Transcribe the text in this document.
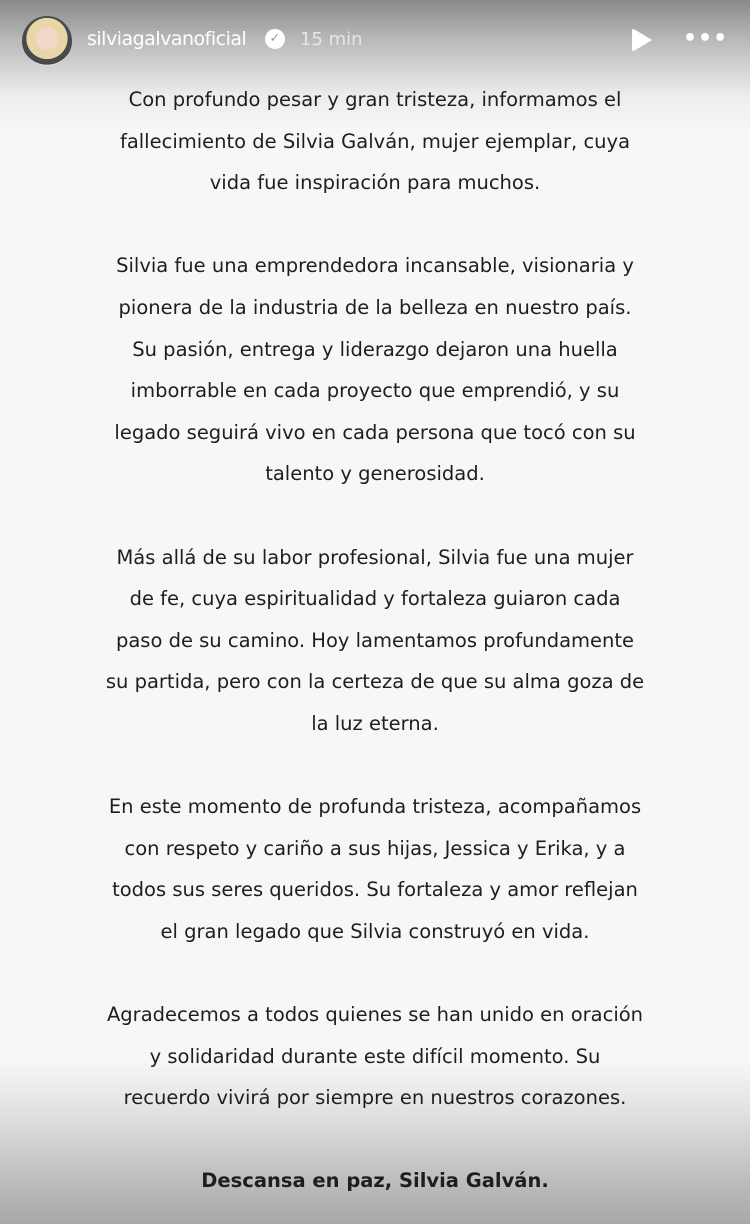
silviagalvanoficial	✓ 15 min	•••
Con profundo pesar y gran tristeza, informamos el
fallecimiento de Silvia Galván, mujer ejemplar, cuya
vida fue inspiración para muchos.
Silvia fue una emprendedora incansable, visionaria y
pionera de la industria de la belleza en nuestro país.
Su pasión, entrega y liderazgo dejaron una huella
imborrable en cada proyecto que emprendió, y su
legado seguirá vivo en cada persona que tocó con su
talento y generosidad.
Más allá de su labor profesional, Silvia fue una mujer
de fe, cuya espiritualidad y fortaleza guiaron cada
paso de su camino. Hoy lamentamos profundamente
su partida, pero con la certeza de que su alma goza de
la luz eterna.
En este momento de profunda tristeza, acompañamos
con respeto y cariño a sus hijas, Jessica y Erika, y a
todos sus seres queridos. Su fortaleza y amor reflejan
el gran legado que Silvia construyó en vida.
Agradecemos a todos quienes se han unido en oración
y solidaridad durante este difícil momento. Su
recuerdo vivirá por siempre en nuestros corazones.
Descansa en paz, Silvia Galván.
